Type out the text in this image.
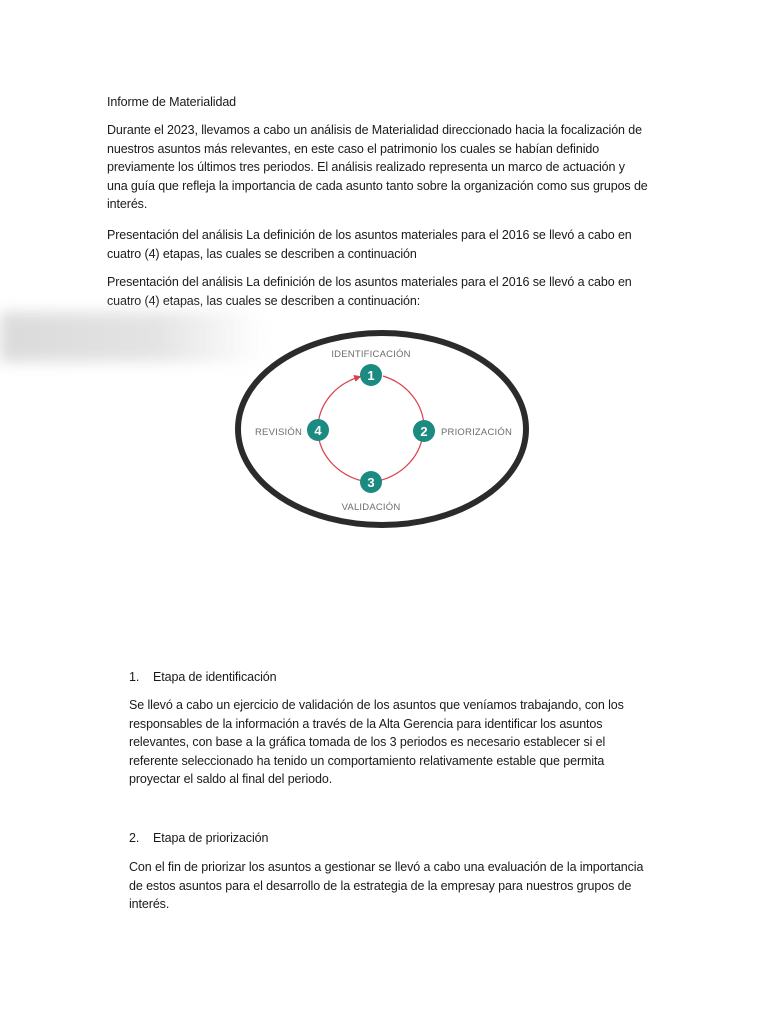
Informe de Materialidad
Durante el 2023, llevamos a cabo un análisis de Materialidad direccionado hacia la focalización de
nuestros asuntos más relevantes, en este caso el patrimonio los cuales se habían definido
previamente los últimos tres periodos. El análisis realizado representa un marco de actuación y
una guía que refleja la importancia de cada asunto tanto sobre la organización como sus grupos de
interés.
Presentación del análisis La definición de los asuntos materiales para el 2016 se llevó a cabo en
cuatro (4) etapas, las cuales se describen a continuación
Presentación del análisis La definición de los asuntos materiales para el 2016 se llevó a cabo en
cuatro (4) etapas, las cuales se describen a continuación:
1
IDENTIFICACIÓN
2 PRIORIZACIÓN
3
VALIDACIÓN
4
REVISIÓN
1. Etapa de identificación
Se llevó a cabo un ejercicio de validación de los asuntos que veníamos trabajando, con los
responsables de la información a través de la Alta Gerencia para identificar los asuntos
relevantes, con base a la gráfica tomada de los 3 periodos es necesario establecer si el
referente seleccionado ha tenido un comportamiento relativamente estable que permita
proyectar el saldo al final del periodo.
2. Etapa de priorización
Con el fin de priorizar los asuntos a gestionar se llevó a cabo una evaluación de la importancia
de estos asuntos para el desarrollo de la estrategia de la empresay para nuestros grupos de
interés.
